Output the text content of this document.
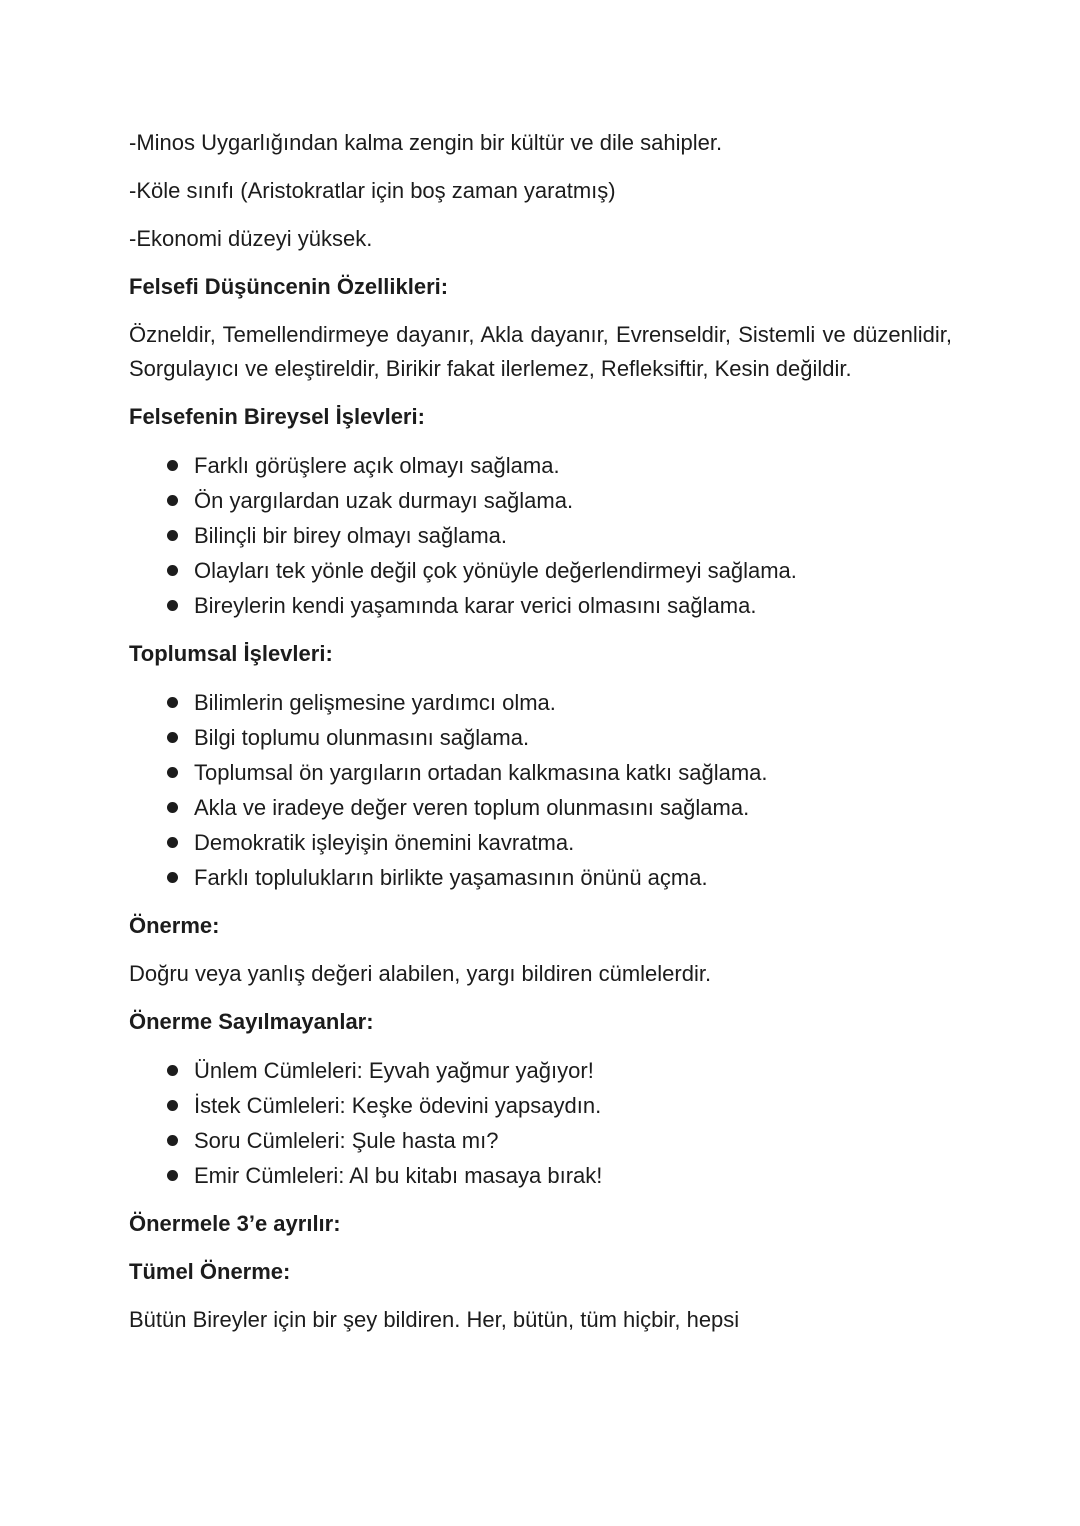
-Minos Uygarlığından kalma zengin bir kültür ve dile sahipler.

-Köle sınıfı (Aristokratlar için boş zaman yaratmış)

-Ekonomi düzeyi yüksek.

Felsefi Düşüncenin Özellikleri:

Özneldir, Temellendirmeye dayanır, Akla dayanır, Evrenseldir, Sistemli ve düzenlidir, Sorgulayıcı ve eleştireldir, Birikir fakat ilerlemez, Refleksiftir, Kesin değildir.

Felsefenin Bireysel İşlevleri:

Farklı görüşlere açık olmayı sağlama.
Ön yargılardan uzak durmayı sağlama.
Bilinçli bir birey olmayı sağlama.
Olayları tek yönle değil çok yönüyle değerlendirmeyi sağlama.
Bireylerin kendi yaşamında karar verici olmasını sağlama.

Toplumsal İşlevleri:

Bilimlerin gelişmesine yardımcı olma.
Bilgi toplumu olunmasını sağlama.
Toplumsal ön yargıların ortadan kalkmasına katkı sağlama.
Akla ve iradeye değer veren toplum olunmasını sağlama.
Demokratik işleyişin önemini kavratma.
Farklı toplulukların birlikte yaşamasının önünü açma.

Önerme:

Doğru veya yanlış değeri alabilen, yargı bildiren cümlelerdir.

Önerme Sayılmayanlar:

Ünlem Cümleleri: Eyvah yağmur yağıyor!
İstek Cümleleri: Keşke ödevini yapsaydın.
Soru Cümleleri: Şule hasta mı?
Emir Cümleleri: Al bu kitabı masaya bırak!

Önermele 3’e ayrılır:

Tümel Önerme:

Bütün Bireyler için bir şey bildiren. Her, bütün, tüm hiçbir, hepsi
